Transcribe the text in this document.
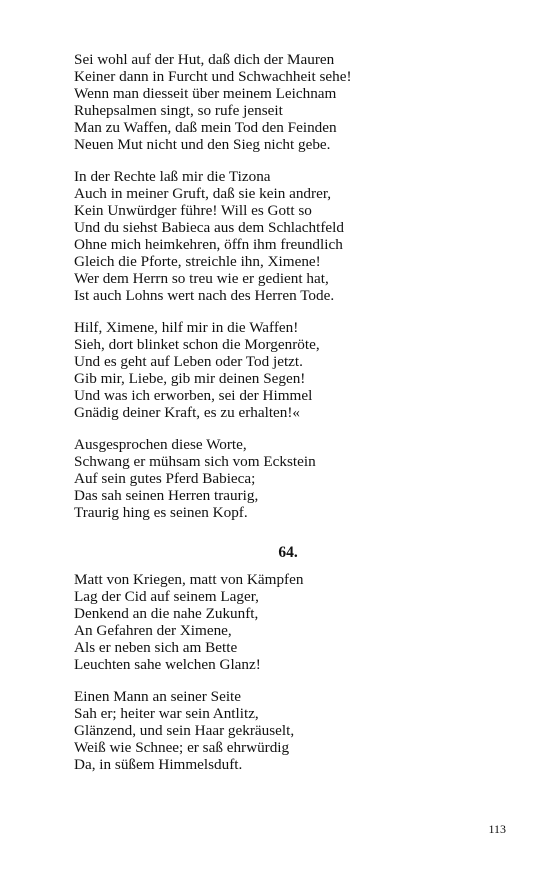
Sei wohl auf der Hut, daß dich der Mauren
Keiner dann in Furcht und Schwachheit sehe!
Wenn man diesseit über meinem Leichnam
Ruhepsalmen singt, so rufe jenseit
Man zu Waffen, daß mein Tod den Feinden
Neuen Mut nicht und den Sieg nicht gebe.
In der Rechte laß mir die Tizona
Auch in meiner Gruft, daß sie kein andrer,
Kein Unwürdger führe! Will es Gott so
Und du siehst Babieca aus dem Schlachtfeld
Ohne mich heimkehren, öffn ihm freundlich
Gleich die Pforte, streichle ihn, Ximene!
Wer dem Herrn so treu wie er gedient hat,
Ist auch Lohns wert nach des Herren Tode.
Hilf, Ximene, hilf mir in die Waffen!
Sieh, dort blinket schon die Morgenröte,
Und es geht auf Leben oder Tod jetzt.
Gib mir, Liebe, gib mir deinen Segen!
Und was ich erworben, sei der Himmel
Gnädig deiner Kraft, es zu erhalten!«
Ausgesprochen diese Worte,
Schwang er mühsam sich vom Eckstein
Auf sein gutes Pferd Babieca;
Das sah seinen Herren traurig,
Traurig hing es seinen Kopf.
64.
Matt von Kriegen, matt von Kämpfen
Lag der Cid auf seinem Lager,
Denkend an die nahe Zukunft,
An Gefahren der Ximene,
Als er neben sich am Bette
Leuchten sahe welchen Glanz!
Einen Mann an seiner Seite
Sah er; heiter war sein Antlitz,
Glänzend, und sein Haar gekräuselt,
Weiß wie Schnee; er saß ehrwürdig
Da, in süßem Himmelsduft.
113
